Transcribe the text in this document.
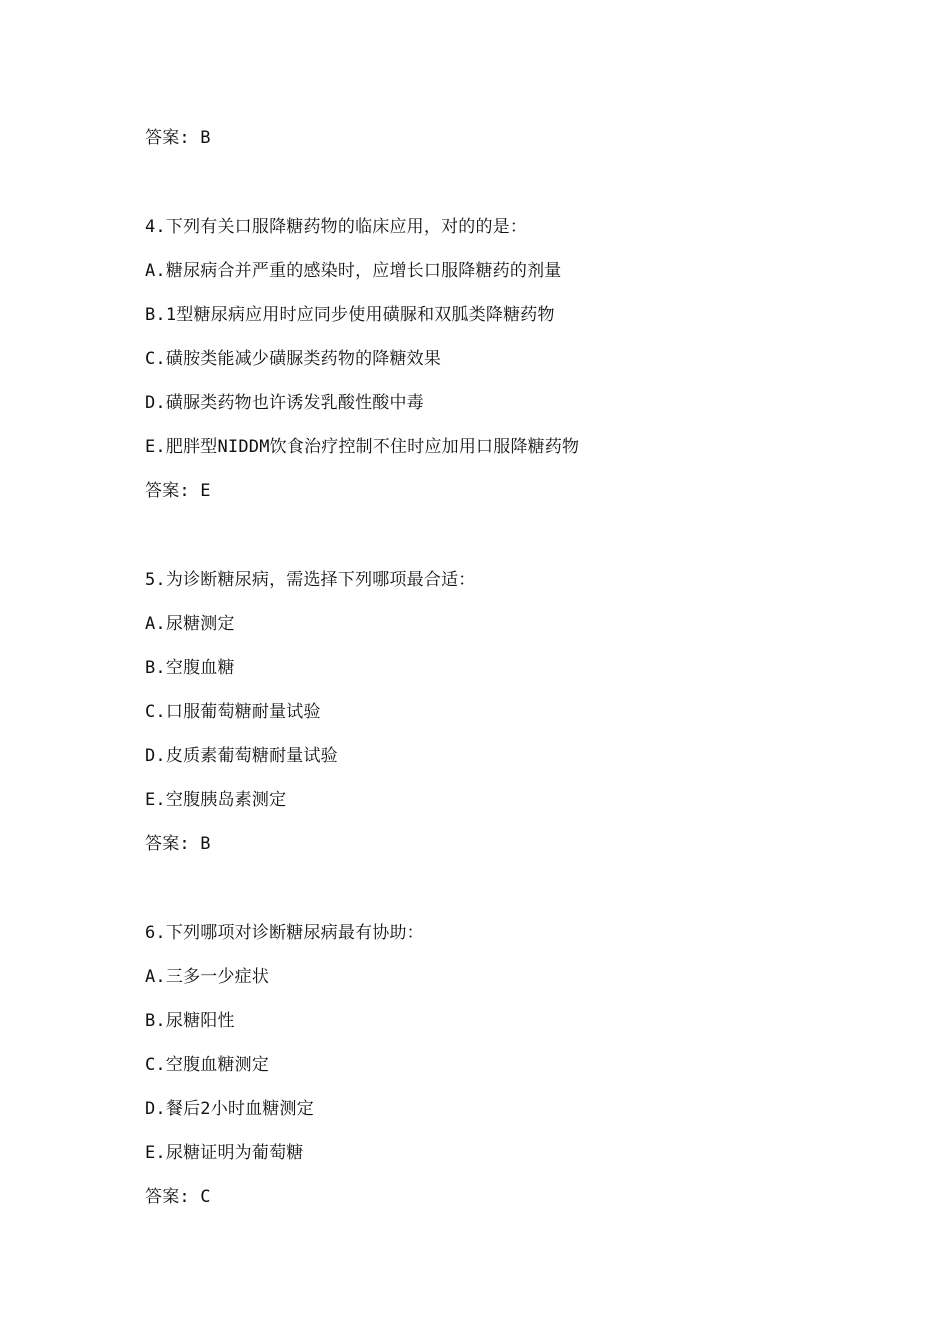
答案: B
4.下列有关口服降糖药物的临床应用，对的的是：
A.糖尿病合并严重的感染时，应增长口服降糖药的剂量
B.1型糖尿病应用时应同步使用磺脲和双胍类降糖药物
C.磺胺类能减少磺脲类药物的降糖效果
D.磺脲类药物也许诱发乳酸性酸中毒
E.肥胖型NIDDM饮食治疗控制不住时应加用口服降糖药物
答案: E
5.为诊断糖尿病，需选择下列哪项最合适：
A.尿糖测定
B.空腹血糖
C.口服葡萄糖耐量试验
D.皮质素葡萄糖耐量试验
E.空腹胰岛素测定
答案: B
6.下列哪项对诊断糖尿病最有协助：
A.三多一少症状
B.尿糖阳性
C.空腹血糖测定
D.餐后2小时血糖测定
E.尿糖证明为葡萄糖
答案: C
